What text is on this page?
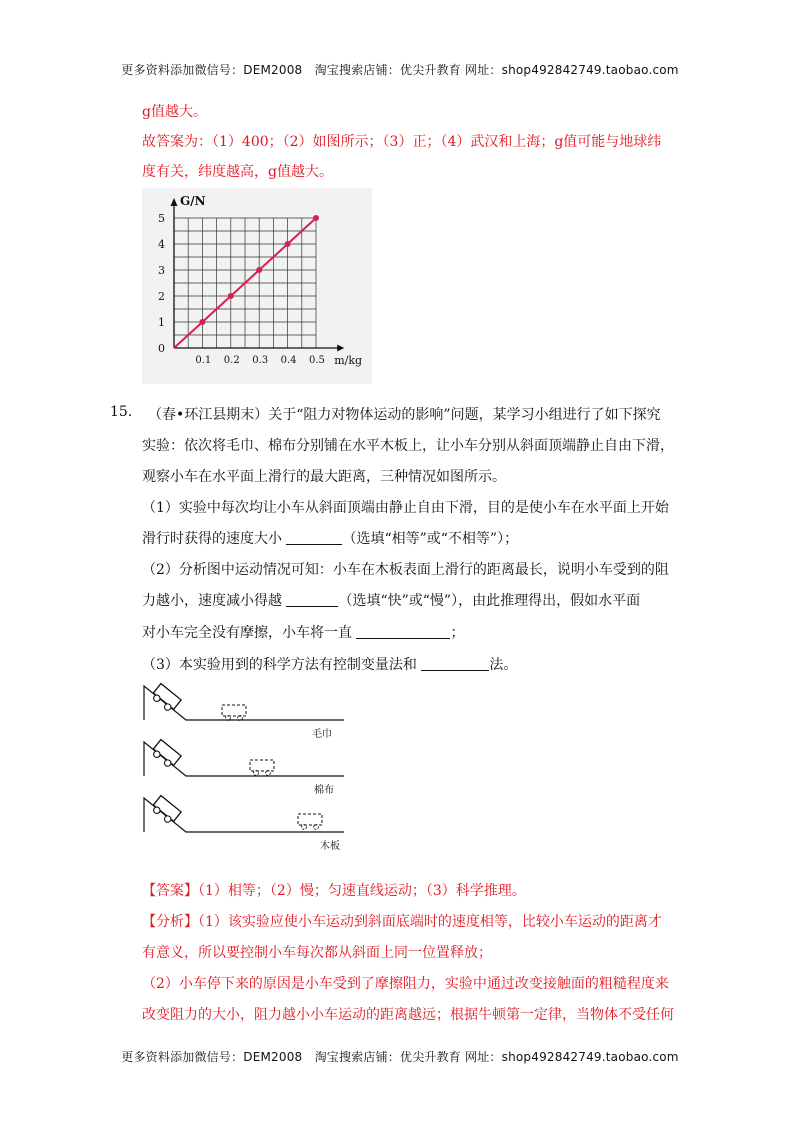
更多资料添加微信号：DEM2008　淘宝搜索店铺：优尖升教育 网址：shop492842749.taobao.com
g值越大。
故答案为：（1）400；（2）如图所示；（3）正；（4）武汉和上海；g值可能与地球纬
度有关，纬度越高，g值越大。
0
1
2
3
4
5
0.1 0.2 0.3 0.4 0.5
G/N
m/kg
15. （春•环江县期末）关于“阻力对物体运动的影响”问题，某学习小组进行了如下探究
实验：依次将毛巾、棉布分别铺在水平木板上，让小车分别从斜面顶端静止自由下滑，
观察小车在水平面上滑行的最大距离，三种情况如图所示。
（1）实验中每次均让小车从斜面顶端由静止自由下滑，目的是使小车在水平面上开始
滑行时获得的速度大小	（选填“相等”或“不相等”）；
（2）分析图中运动情况可知：小车在木板表面上滑行的距离最长，说明小车受到的阻
力越小，速度减小得越	（选填“快”或“慢”），由此推理得出，假如水平面
对小车完全没有摩擦，小车将一直	；
（3）本实验用到的科学方法有控制变量法和	法。
毛巾
棉布
木板
【答案】（1）相等；（2）慢；匀速直线运动；（3）科学推理。
【分析】（1）该实验应使小车运动到斜面底端时的速度相等，比较小车运动的距离才
有意义，所以要控制小车每次都从斜面上同一位置释放；
（2）小车停下来的原因是小车受到了摩擦阻力，实验中通过改变接触面的粗糙程度来
改变阻力的大小，阻力越小小车运动的距离越远；根据牛顿第一定律，当物体不受任何
更多资料添加微信号：DEM2008　淘宝搜索店铺：优尖升教育 网址：shop492842749.taobao.com
